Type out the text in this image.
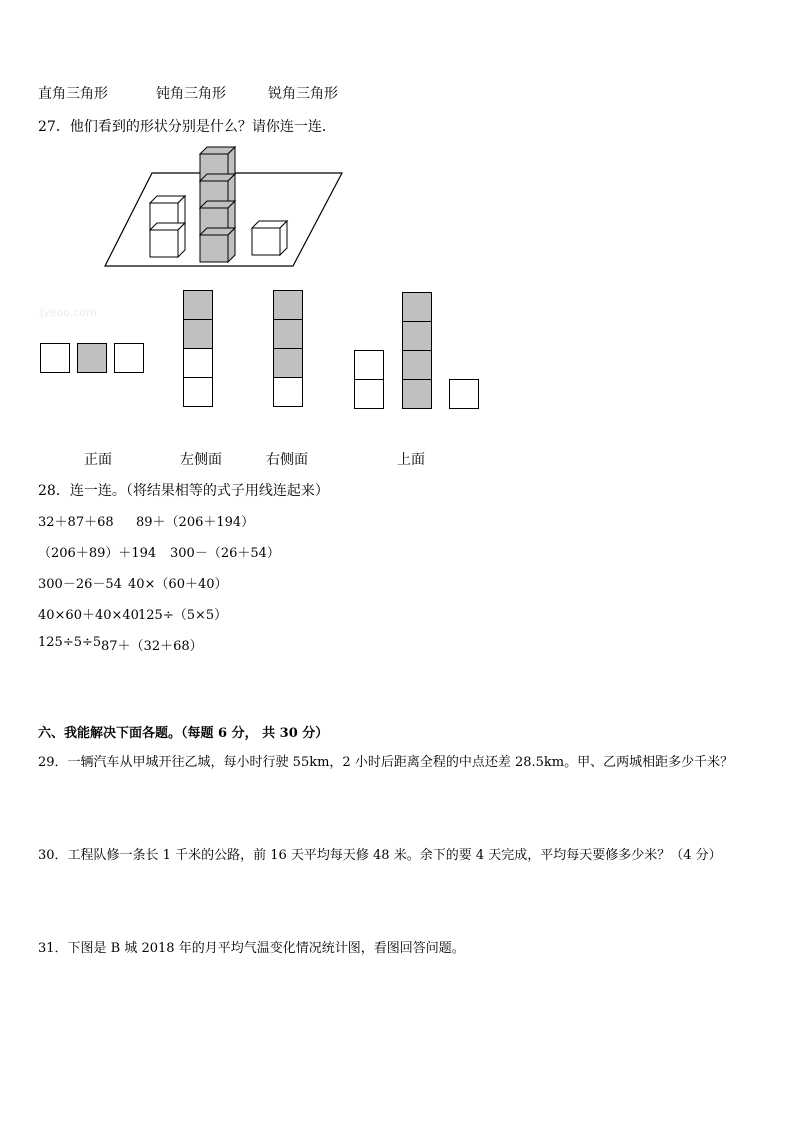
直角三角形	钝角三角形	锐角三角形
27．他们看到的形状分别是什么？请你连一连．
Jyeoo.com
正面	左侧面	右侧面	上面
28．连一连。（将结果相等的式子用线连起来）
32＋87＋68 89＋（206＋194）
（206＋89）＋194 300－（26＋54）
300－26－54 40×（60＋40）
40×60＋40×40 125÷（5×5）
125÷5÷5 87＋（32＋68）
六、我能解决下面各题。（每题 6 分， 共 30 分）
29．一辆汽车从甲城开往乙城，每小时行驶 55km，2 小时后距离全程的中点还差 28.5km。甲、乙两城相距多少千米？
30．工程队修一条长 1 千米的公路，前 16 天平均每天修 48 米。余下的要 4 天完成，平均每天要修多少米？（4 分）
31．下图是 B 城 2018 年的月平均气温变化情况统计图，看图回答问题。
